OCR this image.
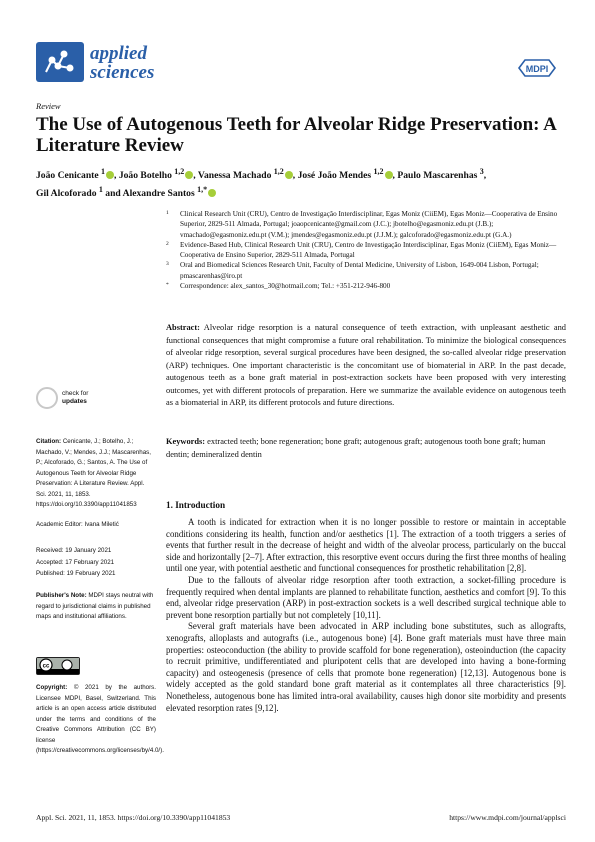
applied
sciences	MDPI
Review
The Use of Autogenous Teeth for Alveolar Ridge Preservation: A Literature Review
João Cenicante $^1$ , João Botelho $^{1,2}$ , Vanessa Machado $^{1,2}$ , José João Mendes $^{1,2}$ , Paulo Mascarenhas $^3$,
Gil Alcoforado $^1$ and Alexandre Santos $^{1,*}$
1 Clinical Research Unit (CRU), Centro de Investigação Interdisciplinar, Egas Moniz (CiiEM), Egas Moniz—Cooperativa de Ensino Superior, 2829-511 Almada, Portugal; joaopcenicante@gmail.com (J.C.); jbotelho@egasmoniz.edu.pt (J.B.); vmachado@egasmoniz.edu.pt (V.M.); jmendes@egasmoniz.edu.pt (J.J.M.); galcoforado@egasmoniz.edu.pt (G.A.)
2 Evidence-Based Hub, Clinical Research Unit (CRU), Centro de Investigação Interdisciplinar, Egas Moniz (CiiEM), Egas Moniz—Cooperativa de Ensino Superior, 2829-511 Almada, Portugal
3 Oral and Biomedical Sciences Research Unit, Faculty of Dental Medicine, University of Lisbon, 1649-004 Lisbon, Portugal; pmascarenhas@iro.pt
* Correspondence: alex_santos_30@hotmail.com; Tel.: +351-212-946-800
Abstract: Alveolar ridge resorption is a natural consequence of teeth extraction, with unpleasant aesthetic and functional consequences that might compromise a future oral rehabilitation. To minimize the biological consequences of alveolar ridge resorption, several surgical procedures have been designed, the so-called alveolar ridge preservation (ARP) techniques. One important characteristic is the concomitant use of biomaterial in ARP. In the past decade, autogenous teeth as a bone graft material in post-extraction sockets have been proposed with very interesting outcomes, yet with different protocols of preparation. Here we summarize the available evidence on autogenous teeth as a biomaterial in ARP, its different protocols and future directions.
Keywords: extracted teeth; bone regeneration; bone graft; autogenous graft; autogenous tooth bone graft; human dentin; demineralized dentin
check for
updates
Citation: Cenicante, J.; Botelho, J.; Machado, V.; Mendes, J.J.; Mascarenhas, P.; Alcoforado, G.; Santos, A. The Use of Autogenous Teeth for Alveolar Ridge Preservation: A Literature Review. Appl. Sci. 2021, 11, 1853. https://doi.org/10.3390/app11041853
Academic Editor: Ivana Miletić
Received: 19 January 2021
Accepted: 17 February 2021
Published: 19 February 2021
Publisher's Note: MDPI stays neutral with regard to jurisdictional claims in published maps and institutional affiliations.
cc
Copyright: © 2021 by the authors. Licensee MDPI, Basel, Switzerland. This article is an open access article distributed under the terms and conditions of the Creative Commons Attribution (CC BY) license (https://creativecommons.org/licenses/by/4.0/).
1. Introduction

A tooth is indicated for extraction when it is no longer possible to restore or maintain in acceptable conditions considering its health, function and/or aesthetics [1]. The extraction of a tooth triggers a series of events that further result in the decrease of height and width of the alveolar process, particularly on the buccal side and horizontally [2–7]. After extraction, this resorptive event occurs during the first three months of healing until one year, with potential aesthetic and functional consequences for prosthetic rehabilitation [2,8].

Due to the fallouts of alveolar ridge resorption after tooth extraction, a socket-filling procedure is frequently required when dental implants are planned to rehabilitate function, aesthetics and comfort [9]. To this end, alveolar ridge preservation (ARP) in post-extraction sockets is a well described surgical technique able to prevent bone resorption partially but not completely [10,11].

Several graft materials have been advocated in ARP including bone substitutes, such as allografts, xenografts, alloplasts and autografts (i.e., autogenous bone) [4]. Bone graft materials must have three main properties: osteoconduction (the ability to provide scaffold for bone regeneration), osteoinduction (the capacity to recruit primitive, undifferentiated and pluripotent cells that are developed into having a bone-forming capacity) and osteogenesis (presence of cells that promote bone regeneration) [12,13]. Autogenous bone is widely accepted as the gold standard bone graft material as it contemplates all three characteristics [9]. Nonetheless, autogenous bone has limited intra-oral availability, causes high donor site morbidity and presents elevated resorption rates [9,12].

Appl. Sci. 2021, 11, 1853. https://doi.org/10.3390/app11041853	https://www.mdpi.com/journal/applsci
